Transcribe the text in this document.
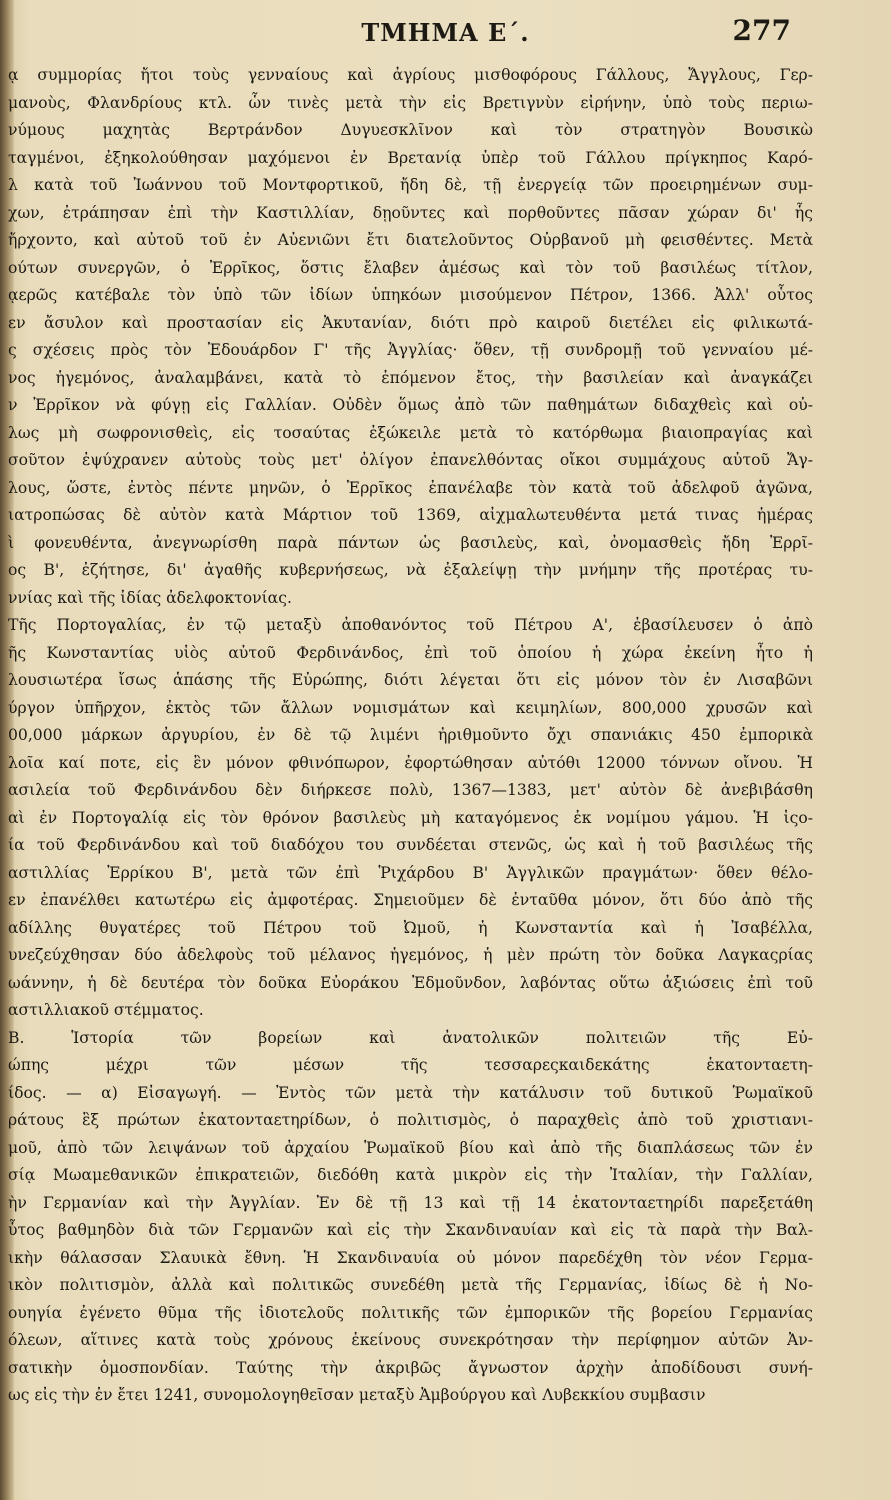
ΤΜΗΜΑ Ε΄.	277
ᾳ συμμορίας ἤτοι τοὺς γενναίους καὶ ἀγρίους μισθοφόρους Γάλλους, Ἄγγλους, Γερ-
μανοὺς, Φλανδρίους κτλ. ὧν τινὲς μετὰ τὴν εἰς Βρετιγνὺν εἰρήνην, ὑπὸ τοὺς περιω-
νύμους μαχητὰς Βερτράνδον Δυγυεσκλῖνον καὶ τὸν στρατηγὸν Βουσικὼ
ταγμένοι, ἐξηκολούθησαν μαχόμενοι ἐν Βρετανίᾳ ὑπὲρ τοῦ Γάλλου πρίγκηπος Καρό-
λ κατὰ τοῦ Ἰωάννου τοῦ Μοντφορτικοῦ, ἤδη δὲ, τῇ ἐνεργείᾳ τῶν προειρημένων συμ-
χων, ἐτράπησαν ἐπὶ τὴν Καστιλλίαν, δῃοῦντες καὶ πορθοῦντες πᾶσαν χώραν δι' ἧς
ἤρχοντο, καὶ αὐτοῦ τοῦ ἐν Αὐενιῶνι ἔτι διατελοῦντος Οὐρβανοῦ μὴ φεισθέντες. Μετὰ
ούτων συνεργῶν, ὁ Ἐρρῖκος, ὅστις ἔλαβεν ἀμέσως καὶ τὸν τοῦ βασιλέως τίτλον,
ᾳερῶς κατέβαλε τὸν ὑπὸ τῶν ἰδίων ὑπηκόων μισούμενον Πέτρον, 1366. Ἀλλ' οὗτος
εν ἄσυλον καὶ προστασίαν εἰς Ἀκυτανίαν, διότι πρὸ καιροῦ διετέλει εἰς φιλικωτά-
ς σχέσεις πρὸς τὸν Ἐδουάρδον Γ' τῆς Ἀγγλίας· ὅθεν, τῇ συνδρομῇ τοῦ γενναίου μέ-
νος ἡγεμόνος, ἀναλαμβάνει, κατὰ τὸ ἐπόμενον ἔτος, τὴν βασιλείαν καὶ ἀναγκάζει
ν Ἐρρῖκον νὰ φύγῃ εἰς Γαλλίαν. Οὐδὲν ὅμως ἀπὸ τῶν παθημάτων διδαχθεὶς καὶ οὐ-
λως μὴ σωφρονισθεὶς, εἰς τοσαύτας ἐξώκειλε μετὰ τὸ κατόρθωμα βιαιοπραγίας καὶ
σοῦτον ἐψύχρανεν αὐτοὺς τοὺς μετ' ὀλίγον ἐπανελθόντας οἴκοι συμμάχους αὐτοῦ Ἄγ-
λους, ὥστε, ἐντὸς πέντε μηνῶν, ὁ Ἐρρῖκος ἐπανέλαβε τὸν κατὰ τοῦ ἀδελφοῦ ἀγῶνα,
ιατροπώσας δὲ αὐτὸν κατὰ Μάρτιον τοῦ 1369, αἰχμαλωτευθέντα μετά τινας ἡμέρας
ὶ φονευθέντα, ἀνεγνωρίσθη παρὰ πάντων ὡς βασιλεὺς, καὶ, ὀνομασθεὶς ἤδη Ἐρρῖ-
ος Β', ἐζήτησε, δι' ἀγαθῆς κυβερνήσεως, νὰ ἐξαλείψῃ τὴν μνήμην τῆς προτέρας τυ-
ννίας καὶ τῆς ἰδίας ἀδελφοκτονίας.
Τῆς Πορτογαλίας, ἐν τῷ μεταξὺ ἀποθανόντος τοῦ Πέτρου Α', ἐβασίλευσεν ὁ ἀπὸ
ῆς Κωνσταντίας υἱὸς αὐτοῦ Φερδινάνδος, ἐπὶ τοῦ ὁποίου ἡ χώρα ἐκείνη ἦτο ἡ
λουσιωτέρα ἴσως ἁπάσης τῆς Εὐρώπης, διότι λέγεται ὅτι εἰς μόνον τὸν ἐν Λισαβῶνι
ύργον ὑπῆρχον, ἐκτὸς τῶν ἄλλων νομισμάτων καὶ κειμηλίων, 800,000 χρυσῶν καὶ
00,000 μάρκων ἀργυρίου, ἐν δὲ τῷ λιμένι ἠριθμοῦντο ὄχι σπανιάκις 450 ἐμπορικὰ
λοῖα καί ποτε, εἰς ἓν μόνον φθινόπωρον, ἐφορτώθησαν αὐτόθι 12000 τόννων οἴνου. Ἡ
ασιλεία τοῦ Φερδινάνδου δὲν διήρκεσε πολὺ, 1367—1383, μετ' αὐτὸν δὲ ἀνεβιβάσθη
αὶ ἐν Πορτογαλίᾳ εἰς τὸν θρόνον βασιλεὺς μὴ καταγόμενος ἐκ νομίμου γάμου. Ἡ ἱςο-
ία τοῦ Φερδινάνδου καὶ τοῦ διαδόχου του συνδέεται στενῶς, ὡς καὶ ἡ τοῦ βασιλέως τῆς
αστιλλίας Ἐρρίκου Β', μετὰ τῶν ἐπὶ Ῥιχάρδου Β' Ἀγγλικῶν πραγμάτων· ὅθεν θέλο-
εν ἐπανέλθει κατωτέρω εἰς ἀμφοτέρας. Σημειοῦμεν δὲ ἐνταῦθα μόνον, ὅτι δύο ἀπὸ τῆς
αδίλλης θυγατέρες τοῦ Πέτρου τοῦ Ὠμοῦ, ἡ Κωνσταντία καὶ ἡ Ἰσαβέλλα,
υνεζεύχθησαν δύο ἀδελφοὺς τοῦ μέλανος ἡγεμόνος, ἡ μὲν πρώτη τὸν δοῦκα Λαγκαςρίας
ωάννην, ἡ δὲ δευτέρα τὸν δοῦκα Εὐοράκου Ἐδμοῦνδον, λαβόντας οὕτω ἀξιώσεις ἐπὶ τοῦ
αστιλλιακοῦ στέμματος.
Β. Ἱστορία τῶν βορείων καὶ ἀνατολικῶν πολιτειῶν τῆς Εὐ-
ώπης μέχρι τῶν μέσων τῆς τεσσαρεςκαιδεκάτης ἑκατονταετη-
ίδος. — α) Εἰσαγωγή. — Ἐντὸς τῶν μετὰ τὴν κατάλυσιν τοῦ δυτικοῦ Ῥωμαϊκοῦ
ράτους ἓξ πρώτων ἑκατονταετηρίδων, ὁ πολιτισμὸς, ὁ παραχθεὶς ἀπὸ τοῦ χριστιανι-
μοῦ, ἀπὸ τῶν λειψάνων τοῦ ἀρχαίου Ῥωμαϊκοῦ βίου καὶ ἀπὸ τῆς διαπλάσεως τῶν ἐν
σίᾳ Μωαμεθανικῶν ἐπικρατειῶν, διεδόθη κατὰ μικρὸν εἰς τὴν Ἰταλίαν, τὴν Γαλλίαν,
ὴν Γερμανίαν καὶ τὴν Ἀγγλίαν. Ἐν δὲ τῇ 13 καὶ τῇ 14 ἑκατονταετηρίδι παρεξετάθη
ὗτος βαθμηδὸν διὰ τῶν Γερμανῶν καὶ εἰς τὴν Σκανδιναυίαν καὶ εἰς τὰ παρὰ τὴν Βαλ-
ικὴν θάλασσαν Σλαυικὰ ἔθνη. Ἡ Σκανδιναυία οὐ μόνον παρεδέχθη τὸν νέον Γερμα-
ικὸν πολιτισμὸν, ἀλλὰ καὶ πολιτικῶς συνεδέθη μετὰ τῆς Γερμανίας, ἰδίως δὲ ἡ Νο-
ουηγία ἐγένετο θῦμα τῆς ἰδιοτελοῦς πολιτικῆς τῶν ἐμπορικῶν τῆς βορείου Γερμανίας
όλεων, αἵτινες κατὰ τοὺς χρόνους ἐκείνους συνεκρότησαν τὴν περίφημον αὐτῶν Ἀν-
σατικὴν ὁμοσπονδίαν. Ταύτης τὴν ἀκριβῶς ἄγνωστον ἀρχὴν ἀποδίδουσι συνή-
ως εἰς τὴν ἐν ἔτει 1241, συνομολογηθεῖσαν μεταξὺ Ἀμβούργου καὶ Λυβεκκίου συμβασιν
